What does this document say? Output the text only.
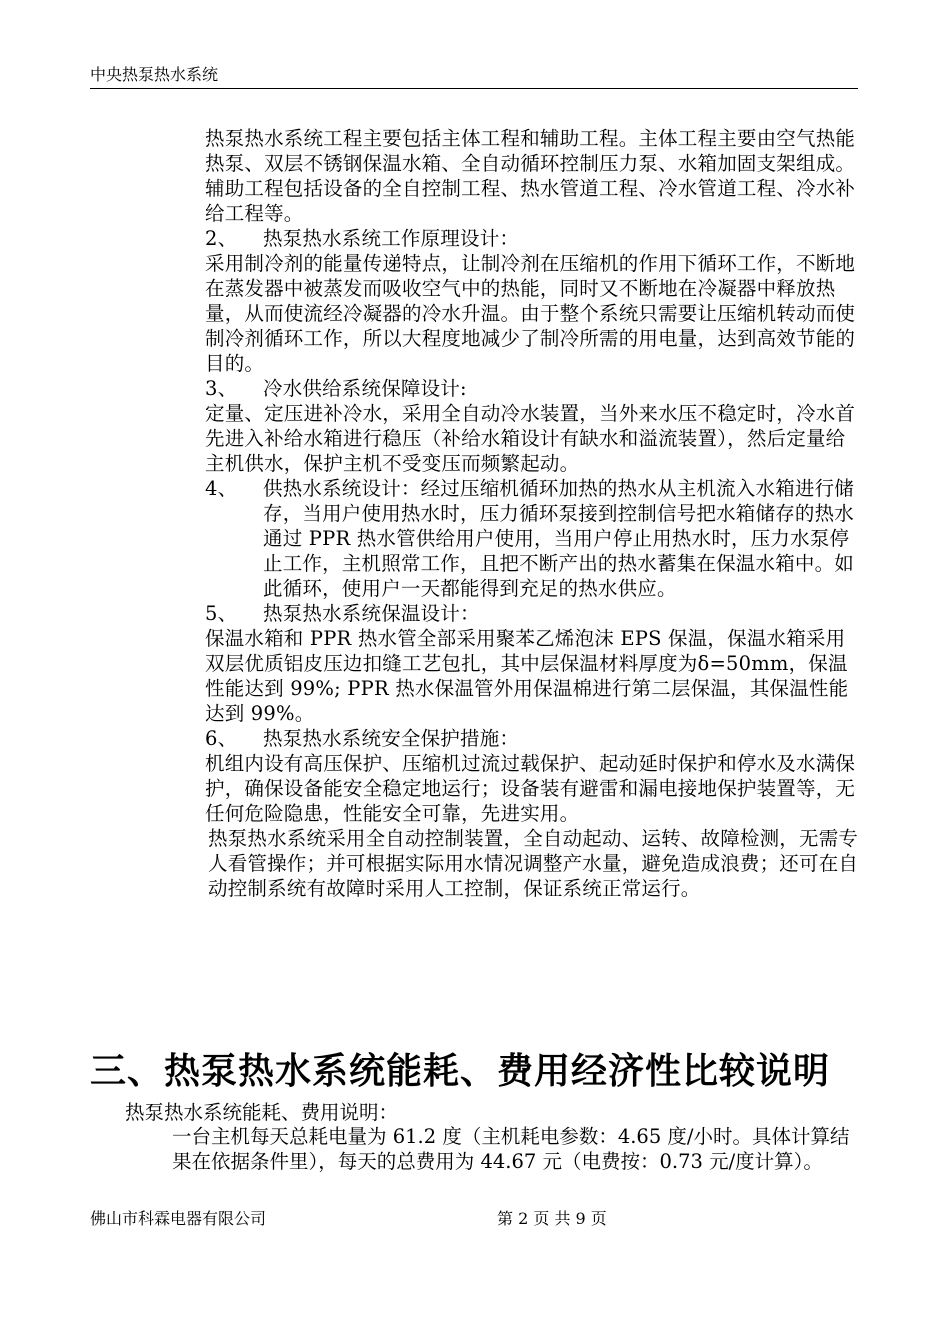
中央热泵热水系统

热泵热水系统工程主要包括主体工程和辅助工程。主体工程主要由空气热能热泵、双层不锈钢保温水箱、全自动循环控制压力泵、水箱加固支架组成。辅助工程包括设备的全自控制工程、热水管道工程、冷水管道工程、冷水补给工程等。

2、	热泵热水系统工作原理设计：

采用制冷剂的能量传递特点，让制冷剂在压缩机的作用下循环工作，不断地在蒸发器中被蒸发而吸收空气中的热能，同时又不断地在冷凝器中释放热量，从而使流经冷凝器的冷水升温。由于整个系统只需要让压缩机转动而使制冷剂循环工作，所以大程度地减少了制冷所需的用电量，达到高效节能的目的。

3、	冷水供给系统保障设计:

定量、定压进补冷水，采用全自动冷水装置，当外来水压不稳定时，冷水首先进入补给水箱进行稳压（补给水箱设计有缺水和溢流装置），然后定量给主机供水，保护主机不受变压而频繁起动。

4、	供热水系统设计：经过压缩机循环加热的热水从主机流入水箱进行储存，当用户使用热水时，压力循环泵接到控制信号把水箱储存的热水通过 PPR 热水管供给用户使用，当用户停止用热水时，压力水泵停止工作，主机照常工作，且把不断产出的热水蓄集在保温水箱中。如此循环，使用户一天都能得到充足的热水供应。
5、	热泵热水系统保温设计：

保温水箱和 PPR 热水管全部采用聚苯乙烯泡沫 EPS 保温，保温水箱采用双层优质铝皮压边扣缝工艺包扎，其中层保温材料厚度为δ=50mm，保温性能达到 99%; PPR 热水保温管外用保温棉进行第二层保温，其保温性能达到 99%。

6、	热泵热水系统安全保护措施：

机组内设有高压保护、压缩机过流过载保护、起动延时保护和停水及水满保护，确保设备能安全稳定地运行；设备装有避雷和漏电接地保护装置等，无任何危险隐患，性能安全可靠，先进实用。

热泵热水系统采用全自动控制装置，全自动起动、运转、故障检测，无需专人看管操作；并可根据实际用水情况调整产水量，避免造成浪费；还可在自动控制系统有故障时采用人工控制，保证系统正常运行。

三、热泵热水系统能耗、费用经济性比较说明
热泵热水系统能耗、费用说明：
一台主机每天总耗电量为 61.2 度（主机耗电参数：4.65 度/小时。具体计算结果在依据条件里），每天的总费用为 44.67 元（电费按：0.73 元/度计算）。
佛山市科霖电器有限公司	第 2 页 共 9 页
